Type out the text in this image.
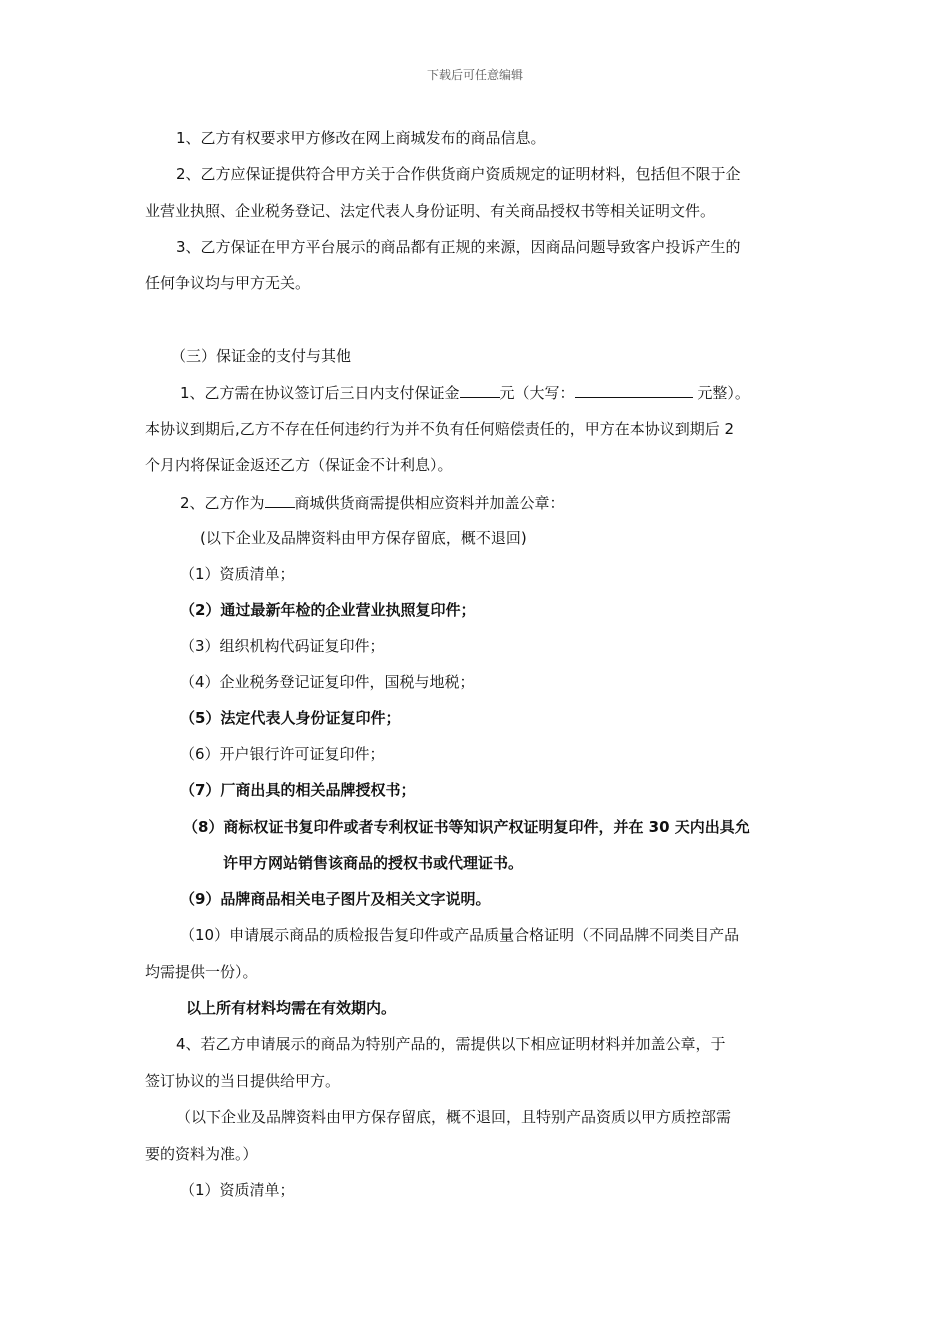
下载后可任意编辑
1、乙方有权要求甲方修改在网上商城发布的商品信息。
2、乙方应保证提供符合甲方关于合作供货商户资质规定的证明材料，包括但不限于企
业营业执照、企业税务登记、法定代表人身份证明、有关商品授权书等相关证明文件。
3、乙方保证在甲方平台展示的商品都有正规的来源，因商品问题导致客户投诉产生的
任何争议均与甲方无关。
（三）保证金的支付与其他
1、乙方需在协议签订后三日内支付保证金	元（大写：	元整）。
本协议到期后,乙方不存在任何违约行为并不负有任何赔偿责任的，甲方在本协议到期后 2
个月内将保证金返还乙方（保证金不计利息）。
2、乙方作为 商城供货商需提供相应资料并加盖公章：
(以下企业及品牌资料由甲方保存留底，概不退回)
（1）资质清单；
（2）通过最新年检的企业营业执照复印件；
（3）组织机构代码证复印件；
（4）企业税务登记证复印件，国税与地税；
（5）法定代表人身份证复印件；
（6）开户银行许可证复印件；
（7）厂商出具的相关品牌授权书；
（8）商标权证书复印件或者专利权证书等知识产权证明复印件，并在 30 天内出具允
许甲方网站销售该商品的授权书或代理证书。
（9）品牌商品相关电子图片及相关文字说明。
（10）申请展示商品的质检报告复印件或产品质量合格证明（不同品牌不同类目产品
均需提供一份）。
以上所有材料均需在有效期内。
4、若乙方申请展示的商品为特别产品的，需提供以下相应证明材料并加盖公章，于
签订协议的当日提供给甲方。
（以下企业及品牌资料由甲方保存留底，概不退回，且特别产品资质以甲方质控部需
要的资料为准。）
（1）资质清单；
